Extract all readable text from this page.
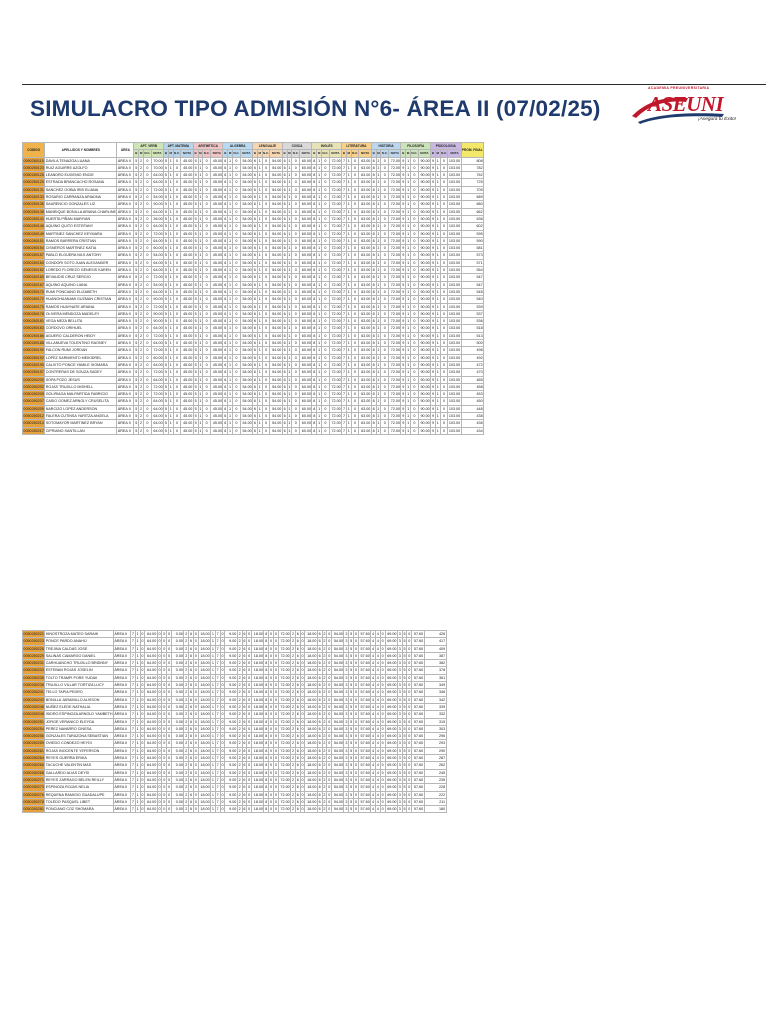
SIMULACRO TIPO ADMISIÓN N°6- ÁREA II (07/02/25)
ACADEMIA PREUNIVERSITARIA
ASEUNI
¡Asegura tu Éxito!
CODIGO	APELLIDOS Y NOMBRES	ÁREA	APT. VERB				APT. MATEMA				ARITMETICA				ALGEBRA				LENGUAJE				CIVICA				INGLÉS				LITERATURA				HISTORIA				FILOSOFÍA				PSICOLOGIA				PROM. FINAL
			B	M	N.C.	NOTA	B	M	N.C.	NOTA	B	M	N.C.	NOTA	B	M	N.C.	NOTA	B	M	N.C.	NOTA	B	M	N.C.	NOTA	B	M	N.C.	NOTA	B	M	N.C.	NOTA	B	M	N.C.	NOTA	B	M	N.C.	NOTA	B	M	N.C.	NOTA	
0050280115	DAVILA TENAZOA LUANA	ÁREA II	5	2	0	70.00	5	1	0	45.00	5	1	0	45.00	6	1	0	54.00	6	1	0	54.00	6	1	0	60.00	8	1	0	72.00	7	1	0	63.00	8	1	0	72.00	9	1	0	90.00	9	1	0	103.00	808
0050280123	RUIZ AGUIRRE AZOLFO	ÁREA II	5	2	0	70.00	5	1	0	45.00	5	1	0	45.00	6	1	0	54.00	6	1	0	54.00	6	1	0	60.00	8	1	0	72.00	7	1	0	63.00	8	1	0	72.00	9	1	0	90.00	9	1	0	103.00	782
0050280126	LEANDRO EUGENIO ENCIE	ÁREA II	5	2	0	64.00	5	1	0	45.00	5	1	0	45.00	6	1	0	54.00	6	1	0	54.00	6	1	0	60.00	8	1	0	72.00	7	1	0	63.00	8	1	0	72.00	9	1	0	90.00	9	1	0	103.00	762
0050280129	ESTRADA BRANCACHO ROSANA	ÁREA II	5	2	0	64.00	5	1	0	45.00	5	1	0	45.00	6	1	0	54.00	6	1	0	54.00	6	1	0	60.00	8	1	0	72.00	7	1	0	63.00	8	1	0	72.00	9	1	0	90.00	9	1	0	103.00	725
0050280131	SANCHEZ GOBIA IRIS ELIANA	ÁREA II	5	2	0	72.00	5	1	0	45.00	5	1	0	45.00	6	1	0	54.00	6	1	0	54.00	6	1	0	60.00	8	1	0	72.00	7	1	0	63.00	8	1	0	72.00	9	1	0	90.00	9	1	0	103.00	705
0050280133	ROSARIO CARRANZA ARIADNA	ÁREA II	5	2	0	54.00	5	1	0	45.00	5	1	0	45.00	6	1	0	54.00	6	1	0	54.00	6	1	0	60.00	8	1	0	72.00	7	1	0	63.00	8	1	0	72.00	9	1	0	90.00	9	1	0	103.00	689
0050280136	SAURENCIO GONZALES LIZ	ÁREA II	5	2	0	90.00	5	1	0	45.00	5	1	0	45.00	6	1	0	54.00	6	1	0	54.00	6	1	0	60.00	8	1	0	72.00	7	1	0	63.00	8	1	0	72.00	9	1	0	90.00	9	1	0	103.00	680
0050280138	MANRIQUE BONILLA ARIANA CHARLINE	ÁREA II	5	2	0	64.00	5	1	0	45.00	5	1	0	45.00	6	1	0	54.00	6	1	0	54.00	6	1	0	60.00	8	1	0	72.00	7	1	0	63.00	8	1	0	72.00	9	1	0	90.00	9	1	0	103.00	662
0050280141	HUERTA PIÑAN MARIYAN	ÁREA II	5	2	0	36.00	5	1	0	45.00	5	1	0	45.00	6	1	0	54.00	6	1	0	54.00	6	1	0	60.00	8	1	0	72.00	7	1	0	63.00	8	1	0	72.00	9	1	0	90.00	9	1	0	103.00	636
0050280146	AQUINO QUITO ESTEFANY	ÁREA II	5	2	0	64.00	5	1	0	45.00	5	1	0	45.00	6	1	0	54.00	6	1	0	54.00	6	1	0	60.00	8	1	0	72.00	7	1	0	63.00	8	1	0	72.00	9	1	0	90.00	9	1	0	103.00	602
0050280149	MARTINEZ SANCHEZ KEYMARA	ÁREA II	5	2	0	72.00	5	1	0	45.00	5	1	0	45.00	6	1	0	54.00	6	1	0	54.00	6	1	0	60.00	8	1	0	72.00	7	1	0	63.00	8	1	0	72.00	9	1	0	90.00	9	1	0	103.00	595
0050280151	RAMOS BARRERA CRISTIAN	ÁREA II	5	2	0	64.00	5	1	0	45.00	5	1	0	45.00	6	1	0	54.00	6	1	0	54.00	6	1	0	60.00	8	1	0	72.00	7	1	0	63.00	8	1	0	72.00	9	1	0	90.00	9	1	0	103.00	590
0050280154	CISNEROS MARTINEZ KATIA	ÁREA II	5	2	0	60.00	5	1	0	45.00	5	1	0	45.00	6	1	0	54.00	6	1	0	54.00	6	1	0	60.00	8	1	0	72.00	7	1	0	63.00	8	1	0	72.00	9	1	0	90.00	9	1	0	103.00	581
0050280157	PABLO ELGUERA NILS ANTONY	ÁREA II	5	2	0	54.00	5	1	0	45.00	5	1	0	45.00	6	1	0	54.00	6	1	0	54.00	6	1	0	60.00	8	1	0	72.00	7	1	0	63.00	8	1	0	72.00	9	1	0	90.00	9	1	0	103.00	573
0050280160	CONDORI SOTO JUAN ALEXANDER	ÁREA II	5	2	0	64.00	5	1	0	45.00	5	1	0	45.00	6	1	0	54.00	6	1	0	54.00	6	1	0	60.00	8	1	0	72.00	7	1	0	63.00	8	1	0	72.00	9	1	0	90.00	9	1	0	103.00	571
0050280162	LOREDO FLOREZO GENESIS KAREN	ÁREA II	5	2	0	64.00	5	1	0	45.00	5	1	0	45.00	6	1	0	54.00	6	1	0	54.00	6	1	0	60.00	8	1	0	72.00	7	1	0	63.00	8	1	0	72.00	9	1	0	90.00	9	1	0	103.00	554
0050280165	BEVAUDIS CRUZ SERGIO	ÁREA II	5	2	0	72.00	5	1	0	45.00	5	1	0	45.00	6	1	0	54.00	6	1	0	54.00	6	1	0	60.00	8	1	0	72.00	7	1	0	63.00	8	1	0	72.00	9	1	0	90.00	9	1	0	103.00	547
0050280167	AQUINO AQUINO LIANA	ÁREA II	5	2	0	54.00	5	1	0	45.00	5	1	0	45.00	6	1	0	54.00	6	1	0	54.00	6	1	0	60.00	8	1	0	72.00	7	1	0	63.00	8	1	0	72.00	9	1	0	90.00	9	1	0	103.00	547
0050280170	RUMI PONCIANO ELIZABETH	ÁREA II	5	2	0	64.00	5	1	0	45.00	5	1	0	45.00	6	1	0	54.00	6	1	0	54.00	6	1	0	60.00	8	1	0	72.00	7	1	0	63.00	8	1	0	72.00	9	1	0	90.00	9	1	0	103.00	545
0050280172	HUANGHUANAMI GUZMAN CRISTIAN	ÁREA II	5	2	0	90.00	5	1	0	45.00	5	1	0	45.00	6	1	0	54.00	6	1	0	54.00	6	1	0	60.00	8	1	0	72.00	7	1	0	63.00	8	1	0	72.00	9	1	0	90.00	9	1	0	103.00	540
0050280175	RAMOS HUAYNATE ARIANA	ÁREA II	5	2	0	72.00	5	1	0	45.00	5	1	0	45.00	6	1	0	54.00	6	1	0	54.00	6	1	0	60.00	8	1	0	72.00	7	1	0	63.00	8	1	0	72.00	9	1	0	90.00	9	1	0	103.00	539
0050280178	OLIVERA MENDOZA MADELEY	ÁREA II	5	2	0	90.00	5	1	0	45.00	5	1	0	45.00	6	1	0	54.00	6	1	0	54.00	6	1	0	60.00	8	1	0	72.00	7	1	0	63.00	8	1	0	72.00	9	1	0	90.00	9	1	0	103.00	537
0050280181	VEGA MEZA BELLITA	ÁREA II	5	2	0	90.00	5	1	0	45.00	5	1	0	45.00	6	1	0	54.00	6	1	0	54.00	6	1	0	60.00	8	1	0	72.00	7	1	0	63.00	8	1	0	72.00	9	1	0	90.00	9	1	0	103.00	536
0050280183	CORDOVO ORIHUEL	ÁREA II	5	2	0	64.00	5	1	0	45.00	5	1	0	45.00	6	1	0	54.00	6	1	0	54.00	6	1	0	60.00	8	1	0	72.00	7	1	0	63.00	8	1	0	72.00	9	1	0	90.00	9	1	0	103.00	518
0050280186	AGUERO CALDERON HEIDY	ÁREA II	5	2	0	72.00	5	1	0	45.00	5	1	0	45.00	6	1	0	54.00	6	1	0	54.00	6	1	0	60.00	8	1	0	72.00	7	1	0	63.00	8	1	0	72.00	9	1	0	90.00	9	1	0	103.00	513
0050280188	VILLANUEVA TOLENTINO RAONEY	ÁREA II	5	2	0	64.00	5	1	0	45.00	5	1	0	45.00	6	1	0	54.00	6	1	0	54.00	6	1	0	60.00	8	1	0	72.00	7	1	0	63.00	8	1	0	72.00	9	1	0	90.00	9	1	0	103.00	500
0050280190	FALCON RUMI JORDAN	ÁREA II	5	2	0	72.00	5	1	0	45.00	5	1	0	45.00	6	1	0	54.00	6	1	0	54.00	6	1	0	60.00	8	1	0	72.00	7	1	0	63.00	8	1	0	72.00	9	1	0	90.00	9	1	0	103.00	496
0050280192	LOPEZ SARMIENTO MEIKIDREL	ÁREA II	5	2	0	60.00	5	1	0	45.00	5	1	0	45.00	6	1	0	54.00	6	1	0	54.00	6	1	0	60.00	8	1	0	72.00	7	1	0	63.00	8	1	0	72.00	9	1	0	90.00	9	1	0	103.00	492
0050280195	CALIXTO PONCE YAMILE XIOMARA	ÁREA II	5	2	0	64.00	5	1	0	45.00	5	1	0	45.00	6	1	0	54.00	6	1	0	54.00	6	1	0	60.00	8	1	0	72.00	7	1	0	63.00	8	1	0	72.00	9	1	0	90.00	9	1	0	103.00	472
0050280197	CONTRERAS DE SOUZA SADEY	ÁREA II	5	2	0	72.00	5	1	0	45.00	5	1	0	45.00	6	1	0	54.00	6	1	0	54.00	6	1	0	60.00	8	1	0	72.00	7	1	0	63.00	8	1	0	72.00	9	1	0	90.00	9	1	0	103.00	470
0050280200	SOPA POZO JESUS	ÁREA II	5	2	0	64.00	5	1	0	45.00	5	1	0	45.00	6	1	0	54.00	6	1	0	54.00	6	1	0	60.00	8	1	0	72.00	7	1	0	63.00	8	1	0	72.00	9	1	0	90.00	9	1	0	103.00	465
0050280202	ROJAS TRUJILLO MISHELL	ÁREA II	5	2	0	72.00	5	1	0	45.00	5	1	0	45.00	6	1	0	54.00	6	1	0	54.00	6	1	0	60.00	8	1	0	72.00	7	1	0	63.00	8	1	0	72.00	9	1	0	90.00	9	1	0	103.00	458
0050280205	GOLIRIAGA MALPARTIDA FABRICIO	ÁREA II	5	2	0	72.00	5	1	0	45.00	5	1	0	45.00	6	1	0	54.00	6	1	0	54.00	6	1	0	60.00	8	1	0	72.00	7	1	0	63.00	8	1	0	72.00	9	1	0	90.00	9	1	0	103.00	453
0050280207	CASIO GOMEZ ARNOLY CRUSELITA	ÁREA II	5	2	0	64.00	5	1	0	45.00	5	1	0	45.00	6	1	0	54.00	6	1	0	54.00	6	1	0	60.00	8	1	0	72.00	7	1	0	63.00	8	1	0	72.00	9	1	0	90.00	9	1	0	103.00	450
0050280209	NARCIZO LOPEZ ANDERSON	ÁREA II	5	2	0	64.00	5	1	0	45.00	5	1	0	45.00	6	1	0	54.00	6	1	0	54.00	6	1	0	60.00	8	1	0	72.00	7	1	0	63.00	8	1	0	72.00	9	1	0	90.00	9	1	0	103.00	448
0050280212	FALERA CUTINSA YARITZA ANGELA	ÁREA II	5	2	0	64.00	5	1	0	45.00	5	1	0	45.00	6	1	0	54.00	6	1	0	54.00	6	1	0	60.00	8	1	0	72.00	7	1	0	63.00	8	1	0	72.00	9	1	0	90.00	9	1	0	103.00	438
0050280214	SOTOMAYOR MARTINEZ BRYAN	ÁREA II	5	2	0	64.00	5	1	0	45.00	5	1	0	45.00	6	1	0	54.00	6	1	0	54.00	6	1	0	60.00	8	1	0	72.00	7	1	0	63.00	8	1	0	72.00	9	1	0	90.00	9	1	0	103.00	436
0050280217	CIPRIANO SANTILLAN	ÁREA II	5	2	0	64.00	5	1	0	45.00	5	1	0	45.00	6	1	0	54.00	6	1	0	54.00	6	1	0	60.00	8	1	0	72.00	7	1	0	63.00	8	1	0	72.00	9	1	0	90.00	9	1	0	103.00	434
0050280221	HINOSTROZA MATEO SARAHI	ÁREA II	7	1	0	64.00	0	0	0	0.00	2	6	0	18.00	1	7	0	9.00	2	6	0	18.00	8	0	0	72.00	2	6	0	18.00	6	2	0	54.00	3	5	0	57.60	4	4	0	69.00	3	5	0	57.60	426
0050280223	PONCE PARDO ANAHIJ	ÁREA II	7	1	0	64.00	0	0	0	0.00	2	6	0	18.00	1	7	0	9.00	2	6	0	18.00	8	0	0	72.00	2	6	0	18.00	6	2	0	54.00	3	5	0	57.60	4	4	0	69.00	3	5	0	57.60	417
0050280226	TREJINA CALDAS JOSE	ÁREA II	7	1	0	64.00	0	0	0	0.00	2	6	0	18.00	1	7	0	9.00	2	6	0	18.00	8	0	0	72.00	2	6	0	18.00	6	2	0	54.00	3	5	0	57.60	4	4	0	69.00	3	5	0	57.60	409
0050280229	SALINAS CAMARGO DANIEL	ÁREA II	7	1	0	64.00	0	0	0	0.00	2	6	0	18.00	1	7	0	9.00	2	6	0	18.00	8	0	0	72.00	2	6	0	18.00	6	2	0	54.00	3	5	0	57.60	4	4	0	69.00	3	5	0	57.60	387
0050280231	CARHUANCHO TRUJILLO BRIDNNY	ÁREA II	7	1	0	64.00	0	0	0	0.00	2	6	0	18.00	1	7	0	9.00	2	6	0	18.00	8	0	0	72.00	2	6	0	18.00	6	2	0	54.00	3	5	0	57.60	4	4	0	69.00	3	5	0	57.60	382
0050280233	ESTEBAN ROJAS JOSELIN	ÁREA II	7	1	0	64.00	0	0	0	0.00	2	6	0	18.00	1	7	0	9.00	2	6	0	18.00	8	0	0	72.00	2	6	0	18.00	6	2	0	54.00	3	5	0	57.60	4	4	0	69.00	3	5	0	57.60	378
0050280236	TOLTO TRAMPI PORE YUDAII	ÁREA II	7	1	0	64.00	0	0	0	0.00	2	6	0	18.00	1	7	0	9.00	2	6	0	18.00	8	0	0	72.00	2	6	0	18.00	6	2	0	54.00	3	5	0	57.60	4	4	0	69.00	3	5	0	57.60	361
0050280238	TRUJILLO VILLAR TORTIZA LUCY	ÁREA II	7	1	0	64.00	0	0	0	0.00	2	6	0	18.00	1	7	0	9.00	2	6	0	18.00	8	0	0	72.00	2	6	0	18.00	6	2	0	54.00	3	5	0	57.60	4	4	0	69.00	3	5	0	57.60	349
0050280241	TELLO TAPIA PEDRO	ÁREA II	7	1	0	64.00	0	0	0	0.00	2	6	0	18.00	1	7	0	9.00	2	6	0	18.00	8	0	0	72.00	2	6	0	18.00	6	2	0	54.00	3	5	0	57.60	4	4	0	69.00	3	5	0	57.60	346
0050280243	BONILLA JARAMILLO ALISSON	ÁREA II	7	1	0	64.00	0	0	0	0.00	2	6	0	18.00	1	7	0	9.00	2	6	0	18.00	8	0	0	72.00	2	6	0	18.00	6	2	0	54.00	3	5	0	57.60	4	4	0	69.00	3	5	0	57.60	342
0050280246	NUÑEZ ELEDE NATHALIA	ÁREA II	7	1	0	64.00	0	0	0	0.00	2	6	0	18.00	1	7	0	9.00	2	6	0	18.00	8	0	0	72.00	2	6	0	18.00	6	2	0	54.00	3	5	0	57.60	4	4	0	69.00	3	5	0	57.60	339
0050280248	ISIDRO ESPINOZA ARNOLD YAMBETH	ÁREA II	7	1	0	64.00	0	0	0	0.00	2	6	0	18.00	1	7	0	9.00	2	6	0	18.00	8	0	0	72.00	2	6	0	18.00	6	2	0	54.00	3	5	0	57.60	4	4	0	69.00	3	5	0	57.60	332
0050280251	JORGE VERANICO ELEYDA	ÁREA II	7	1	0	64.00	0	0	0	0.00	2	6	0	18.00	1	7	0	9.00	2	6	0	18.00	8	0	0	72.00	2	6	0	18.00	6	2	0	54.00	3	5	0	57.60	4	4	0	69.00	3	5	0	57.60	315
0050280254	PEREZ NAVARRO CINESA	ÁREA II	7	1	0	64.00	0	0	0	0.00	2	6	0	18.00	1	7	0	9.00	2	6	0	18.00	8	0	0	72.00	2	6	0	18.00	6	2	0	54.00	3	5	0	57.60	4	4	0	69.00	3	5	0	57.60	303
0050280256	GONZALES TARAZONA SEBASTIAN	ÁREA II	7	1	0	64.00	0	0	0	0.00	2	6	0	18.00	1	7	0	9.00	2	6	0	18.00	8	0	0	72.00	2	6	0	18.00	6	2	0	54.00	3	5	0	57.60	4	4	0	69.00	3	5	0	57.60	296
0050280259	OVIEDO CONDEZO HEYDI	ÁREA II	7	1	0	64.00	0	0	0	0.00	2	6	0	18.00	1	7	0	9.00	2	6	0	18.00	8	0	0	72.00	2	6	0	18.00	6	2	0	54.00	3	5	0	57.60	4	4	0	69.00	3	5	0	57.60	293
0050280261	ROJAS INOCENTE YEFERSON	ÁREA II	7	1	0	64.00	0	0	0	0.00	2	6	0	18.00	1	7	0	9.00	2	6	0	18.00	8	0	0	72.00	2	6	0	18.00	6	2	0	54.00	3	5	0	57.60	4	4	0	69.00	3	5	0	57.60	290
0050280264	REYES GUERRA ERIKA	ÁREA II	7	1	0	64.00	0	0	0	0.00	2	6	0	18.00	1	7	0	9.00	2	6	0	18.00	8	0	0	72.00	2	6	0	18.00	6	2	0	54.00	3	5	0	57.60	4	4	0	69.00	3	5	0	57.60	287
0050280266	TACUCHE VALENTIN MAS	ÁREA II	7	1	0	64.00	0	0	0	0.00	2	6	0	18.00	1	7	0	9.00	2	6	0	18.00	8	0	0	72.00	2	6	0	18.00	6	2	0	54.00	3	5	0	57.60	4	4	0	69.00	3	5	0	57.60	262
0050280268	GALLARDO ALIAS DEYSI	ÁREA II	7	1	0	64.00	0	0	0	0.00	2	6	0	18.00	1	7	0	9.00	2	6	0	18.00	8	0	0	72.00	2	6	0	18.00	6	2	0	54.00	3	5	0	57.60	4	4	0	69.00	3	5	0	57.60	245
0050280271	REYES ZARRAGO BELEN REILLY	ÁREA II	7	1	0	64.00	0	0	0	0.00	2	6	0	18.00	1	7	0	9.00	2	6	0	18.00	8	0	0	72.00	2	6	0	18.00	6	2	0	54.00	3	5	0	57.60	4	4	0	69.00	3	5	0	57.60	235
0050280273	ESPINOZA ROJAS NELIA	ÁREA II	7	1	0	64.00	0	0	0	0.00	2	6	0	18.00	1	7	0	9.00	2	6	0	18.00	8	0	0	72.00	2	6	0	18.00	6	2	0	54.00	3	5	0	57.60	4	4	0	69.00	3	5	0	57.60	228
0050280276	REQUENA RAMIGIO GUADALUPE	ÁREA II	7	1	0	64.00	0	0	0	0.00	2	6	0	18.00	1	7	0	9.00	2	6	0	18.00	8	0	0	72.00	2	6	0	18.00	6	2	0	54.00	3	5	0	57.60	4	4	0	69.00	3	5	0	57.60	222
0050280278	TOLEDO PASQUEL LIBET	ÁREA II	7	1	0	64.00	0	0	0	0.00	2	6	0	18.00	1	7	0	9.00	2	6	0	18.00	8	0	0	72.00	2	6	0	18.00	6	2	0	54.00	3	5	0	57.60	4	4	0	69.00	3	5	0	57.60	211
0050280281	PONCIANO COZ SHOMARA	ÁREA II	7	1	0	64.00	0	0	0	0.00	2	6	0	18.00	1	7	0	9.00	2	6	0	18.00	8	0	0	72.00	2	6	0	18.00	6	2	0	54.00	3	5	0	57.60	4	4	0	69.00	3	5	0	57.60	180
